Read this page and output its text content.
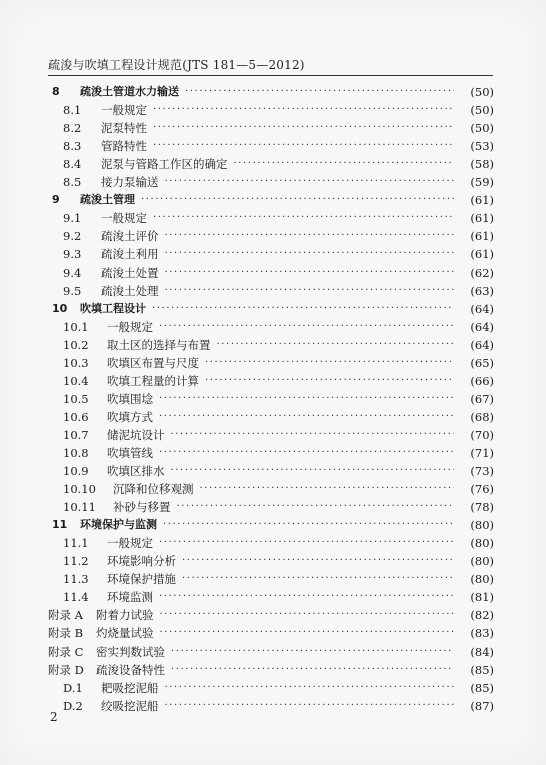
疏浚与吹填工程设计规范(JTS 181—5—2012)
8	疏浚土管道水力输送 ·····	(50)
8.1	一般规定 ·····	(50)
8.2	泥泵特性 ·····	(50)
8.3	管路特性 ·····	(53)
8.4	泥泵与管路工作区的确定 ·····	(58)
8.5	接力泵输送 ·····	(59)
9	疏浚土管理 ·····	(61)
9.1	一般规定 ·····	(61)
9.2	疏浚土评价 ·····	(61)
9.3	疏浚土利用 ·····	(61)
9.4	疏浚土处置 ·····	(62)
9.5	疏浚土处理 ·····	(63)
10	吹填工程设计 ·····	(64)
10.1	一般规定 ·····	(64)
10.2	取土区的选择与布置 ·····	(64)
10.3	吹填区布置与尺度 ·····	(65)
10.4	吹填工程量的计算 ·····	(66)
10.5	吹填围埝 ·····	(67)
10.6	吹填方式 ·····	(68)
10.7	储泥坑设计 ·····	(70)
10.8	吹填管线 ·····	(71)
10.9	吹填区排水 ·····	(73)
10.10	沉降和位移观测 ·····	(76)
10.11	补砂与移置 ·····	(78)
11	环境保护与监测 ·····	(80)
11.1	一般规定 ·····	(80)
11.2	环境影响分析 ·····	(80)
11.3	环境保护措施 ·····	(80)
11.4	环境监测 ·····	(81)
附录 A	附着力试验 ·····	(82)
附录 B	灼烧量试验 ·····	(83)
附录 C	密实判数试验 ·····	(84)
附录 D	疏浚设备特性 ·····	(85)
D.1	耙吸挖泥船 ·····	(85)
D.2	绞吸挖泥船 ·····	(87)
2
